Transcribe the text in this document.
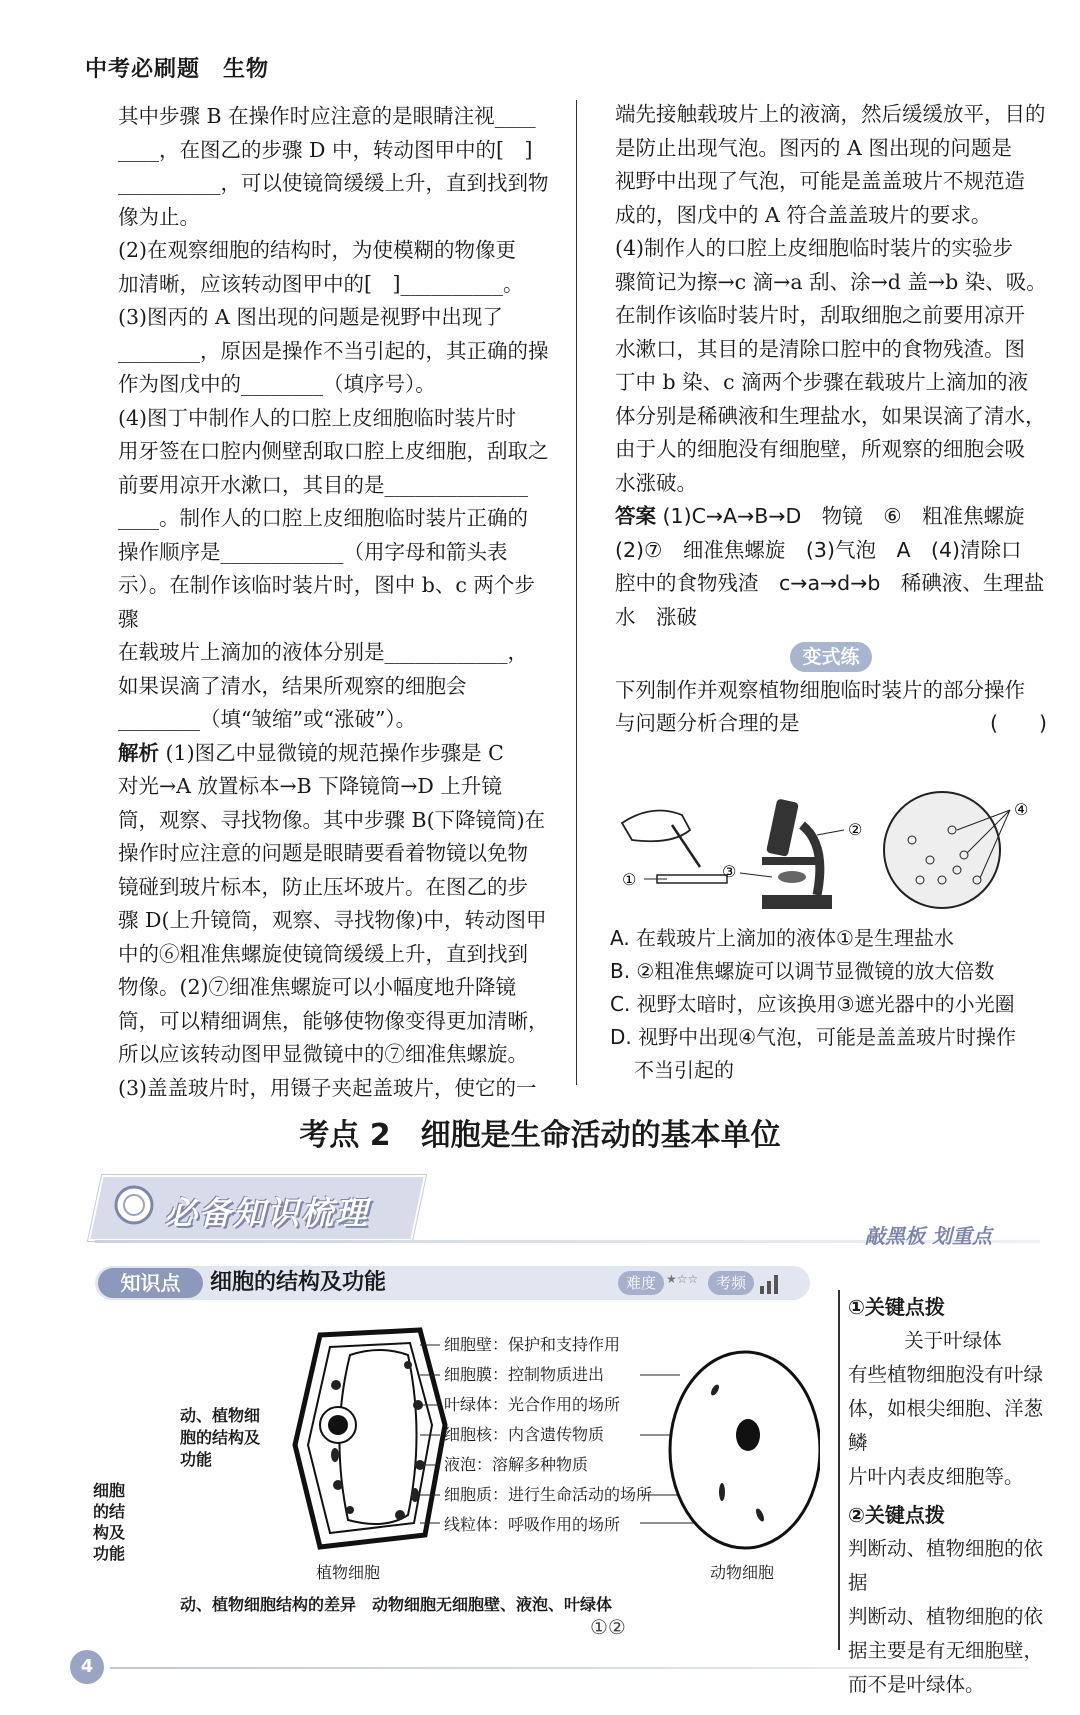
中考必刷题　生物

其中步骤 B 在操作时应注意的是眼睛注视____

____，在图乙的步骤 D 中，转动图甲中的[　]

__________，可以使镜筒缓缓上升，直到找到物

像为止。

(2)在观察细胞的结构时，为使模糊的物像更

加清晰，应该转动图甲中的[　]__________。

(3)图丙的 A 图出现的问题是视野中出现了

________，原因是操作不当引起的，其正确的操

作为图戊中的________（填序号）。

(4)图丁中制作人的口腔上皮细胞临时装片时

用牙签在口腔内侧壁刮取口腔上皮细胞，刮取之

前要用凉开水漱口，其目的是______________

____。制作人的口腔上皮细胞临时装片正确的

操作顺序是____________（用字母和箭头表

示）。在制作该临时装片时，图中 b、c 两个步骤

在载玻片上滴加的液体分别是____________，

如果误滴了清水，结果所观察的细胞会

________（填“皱缩”或“涨破”）。

解析 (1)图乙中显微镜的规范操作步骤是 C

对光→A 放置标本→B 下降镜筒→D 上升镜

筒，观察、寻找物像。其中步骤 B(下降镜筒)在

操作时应注意的问题是眼睛要看着物镜以免物

镜碰到玻片标本，防止压坏玻片。在图乙的步

骤 D(上升镜筒，观察、寻找物像)中，转动图甲

中的⑥粗准焦螺旋使镜筒缓缓上升，直到找到

物像。(2)⑦细准焦螺旋可以小幅度地升降镜

筒，可以精细调焦，能够使物像变得更加清晰，

所以应该转动图甲显微镜中的⑦细准焦螺旋。

(3)盖盖玻片时，用镊子夹起盖玻片，使它的一

端先接触载玻片上的液滴，然后缓缓放平，目的

是防止出现气泡。图丙的 A 图出现的问题是

视野中出现了气泡，可能是盖盖玻片不规范造

成的，图戊中的 A 符合盖盖玻片的要求。

(4)制作人的口腔上皮细胞临时装片的实验步

骤简记为擦→c 滴→a 刮、涂→d 盖→b 染、吸。

在制作该临时装片时，刮取细胞之前要用凉开

水漱口，其目的是清除口腔中的食物残渣。图

丁中 b 染、c 滴两个步骤在载玻片上滴加的液

体分别是稀碘液和生理盐水，如果误滴了清水，

由于人的细胞没有细胞壁，所观察的细胞会吸

水涨破。

答案 (1)C→A→B→D　物镜　⑥　粗准焦螺旋

(2)⑦　细准焦螺旋　(3)气泡　A　(4)清除口

腔中的食物残渣　c→a→d→b　稀碘液、生理盐

水　涨破

变式练

下列制作并观察植物细胞临时装片的部分操作

与问题分析合理的是	(　　)

①
②
③
④
A. 在载玻片上滴加的液体①是生理盐水
B. ②粗准焦螺旋可以调节显微镜的放大倍数
C. 视野太暗时，应该换用③遮光器中的小光圈
D. 视野中出现④气泡，可能是盖盖玻片时操作
不当引起的
考点 2　细胞是生命活动的基本单位
必备知识梳理
敲黑板 划重点
知识点	细胞的结构及功能	难度 ★☆☆	考频
细胞的结构及功能
动、植物细
胞的结构及
功能
植物细胞
细胞壁：保护和支持作用
细胞膜：控制物质进出
叶绿体：光合作用的场所
细胞核：内含遗传物质
液泡：溶解多种物质
细胞质：进行生命活动的场所
线粒体：呼吸作用的场所
动物细胞
动、植物细胞结构的差异　动物细胞无细胞壁、液泡、叶绿体
①②
①关键点拨
关于叶绿体
有些植物细胞没有叶绿
体，如根尖细胞、洋葱鳞
片叶内表皮细胞等。
②关键点拨
判断动、植物细胞的依据
判断动、植物细胞的依
据主要是有无细胞壁，
而不是叶绿体。
4
